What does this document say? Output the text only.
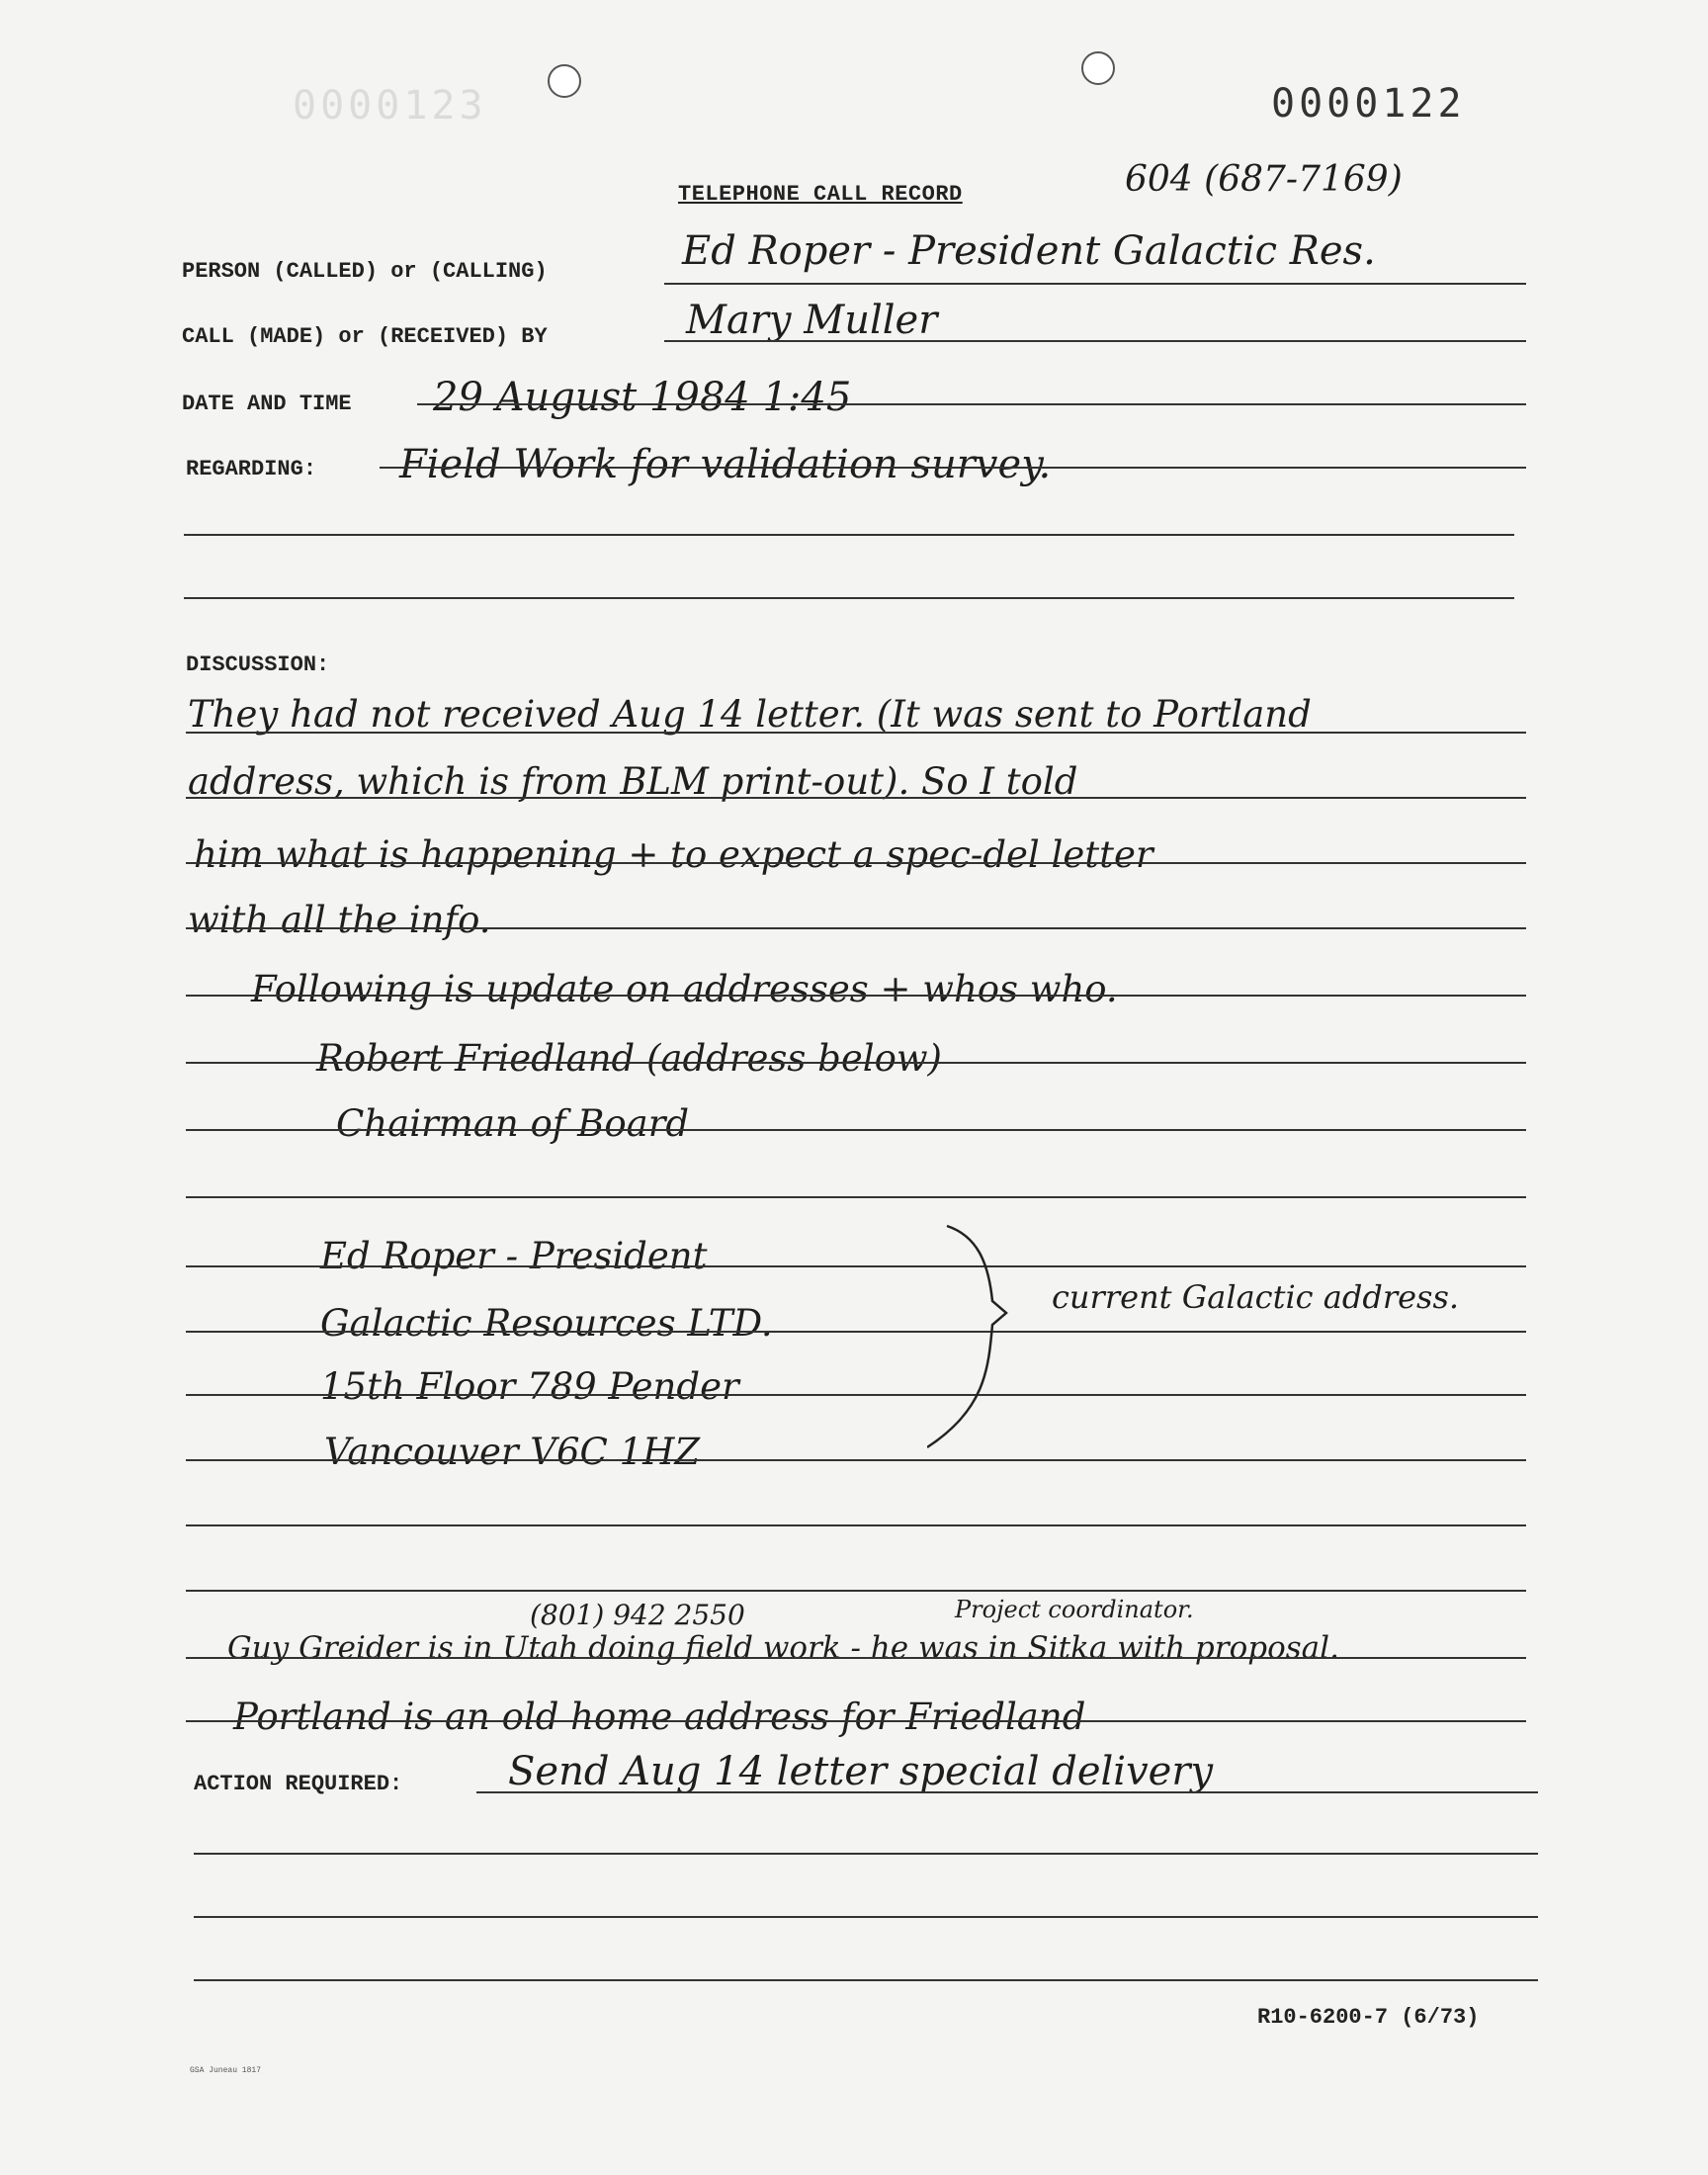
0000123	0000122
TELEPHONE CALL RECORD	604 (687-7169)
PERSON (CALLED) or (CALLING)	Ed Roper - President Galactic Res.
CALL (MADE) or (RECEIVED) BY	Mary Muller
DATE AND TIME 29 August 1984 1:45
REGARDING: Field Work for validation survey.
DISCUSSION:
They had not received Aug 14 letter. (It was sent to Portland
address, which is from BLM print-out). So I told
him what is happening + to expect a spec-del letter
with all the info.
Following is update on addresses + whos who.
Robert Friedland (address below)
Chairman of Board
Ed Roper - President
Galactic Resources LTD.
15th Floor 789 Pender
Vancouver V6C 1HZ
current Galactic address.
(801) 942 2550	Project coordinator.
Guy Greider is in Utah doing field work - he was in Sitka with proposal.
Portland is an old home address for Friedland
ACTION REQUIRED:	Send Aug 14 letter special delivery
R10-6200-7 (6/73)
GSA Juneau 1817
